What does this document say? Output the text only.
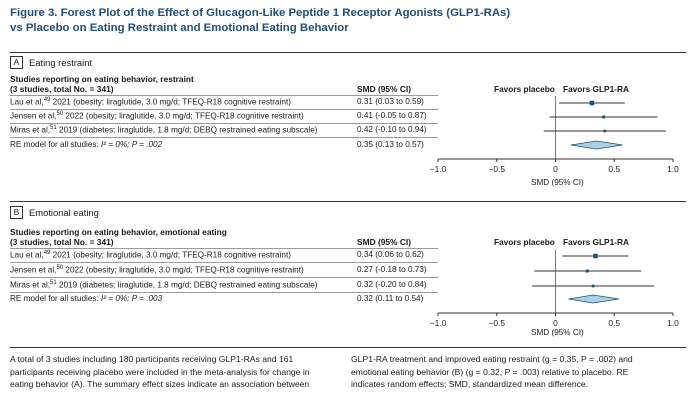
Figure 3. Forest Plot of the Effect of Glucagon-Like Peptide 1 Receptor Agonists (GLP1-RAs)
vs Placebo on Eating Restraint and Emotional Eating Behavior
A	Eating restraint
Studies reporting on eating behavior, restraint
(3 studies, total No. = 341)	SMD (95% CI)	Favors placebo Favors GLP1-RA
Lau et al,$^{49}$ 2021 (obesity; liraglutide, 3.0 mg/d; TFEQ-R18 cognitive restraint)	0.31 (0.03 to 0.59)
Jensen et al,$^{50}$ 2022 (obesity; liraglutide, 3.0 mg/d; TFEQ-R18 cognitive restraint)	0.41 (-0.05 to 0.87)
Miras et al,$^{51}$ 2019 (diabetes; liraglutide, 1.8 mg/d; DEBQ restrained eating subscale)	0.42 (-0.10 to 0.94)
RE model for all studies: I² = 0%; P = .002	0.35 (0.13 to 0.57)
SMD (95% CI)
B	Emotional eating
Studies reporting on eating behavior, emotional eating
(3 studies, total No. = 341)	SMD (95% CI)	Favors placebo Favors GLP1-RA
Lau et al,$^{49}$ 2021 (obesity; liraglutide, 3.0 mg/d; TFEQ-R18 cognitive restraint)	0.34 (0.06 to 0.62)
Jensen et al,$^{50}$ 2022 (obesity; liraglutide, 3.0 mg/d; TFEQ-R18 cognitive restraint)	0.27 (-0.18 to 0.73)
Miras et al,$^{51}$ 2019 (diabetes; liraglutide, 1.8 mg/d; DEBQ restrained eating subscale)	0.32 (-0.20 to 0.84)
RE model for all studies: I² = 0%; P = .003	0.32 (0.11 to 0.54)
SMD (95% CI)
A total of 3 studies including 180 participants receiving GLP1-RAs and 161
participants receiving placebo were included in the meta-analysis for change in
eating behavior (A). The summary effect sizes indicate an association between
GLP1-RA treatment and improved eating restraint (g = 0.35, P = .002) and
emotional eating behavior (B) (g = 0.32, P = .003) relative to placebo. RE
indicates random effects; SMD, standardized mean difference.
−1.0	−0.5	0	0.5	1.0
−1.0	−0.5	0	0.5	1.0
